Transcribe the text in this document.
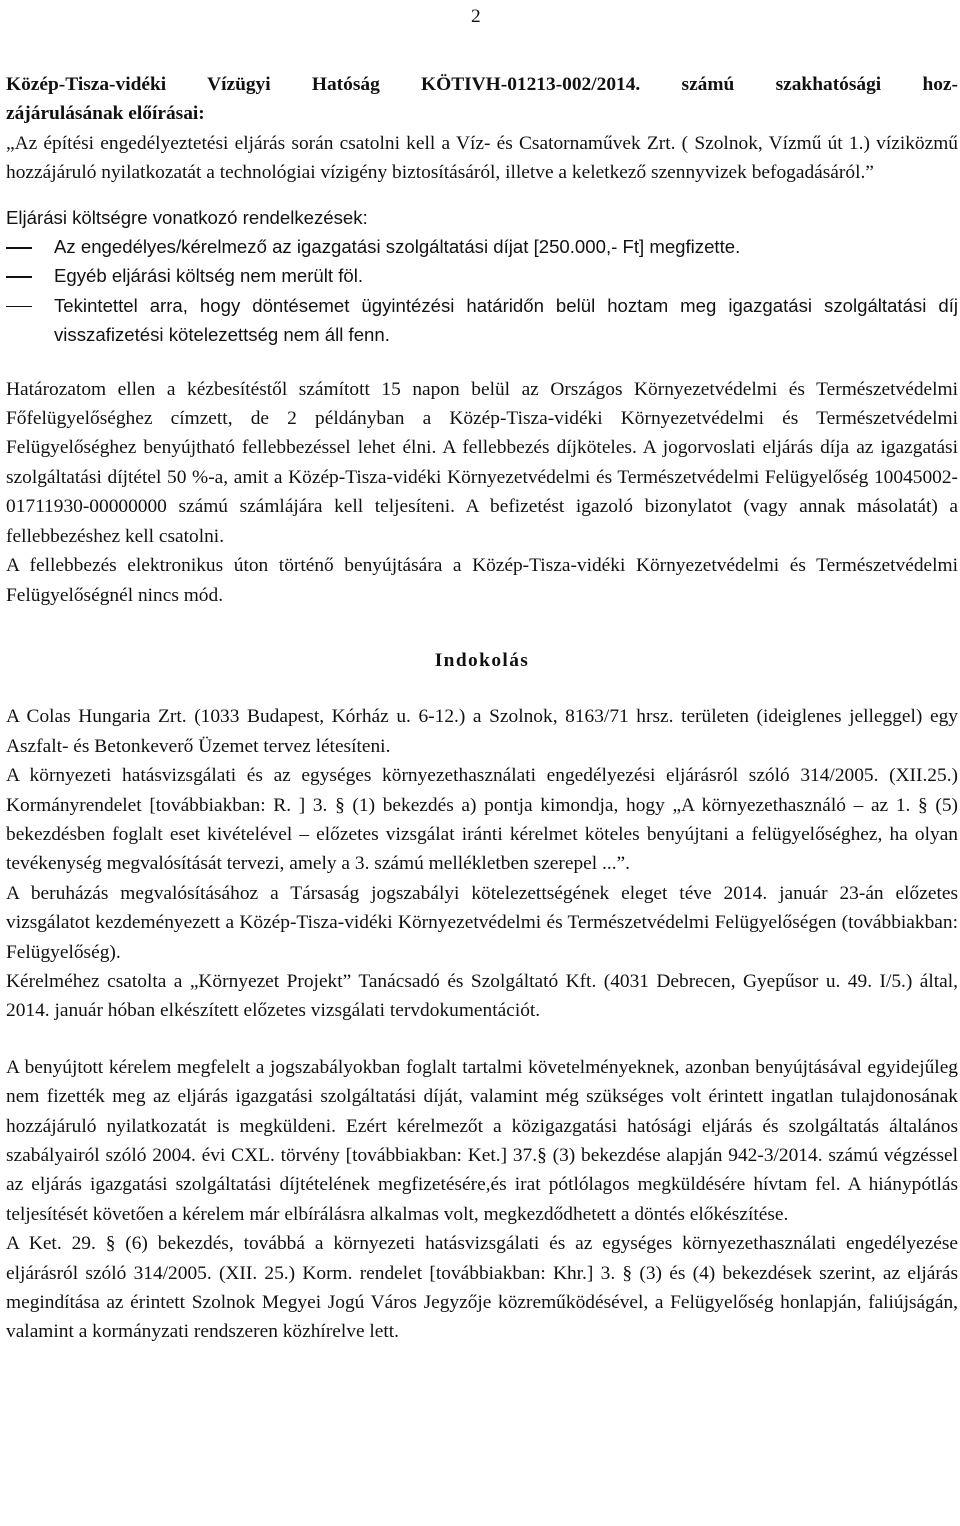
2

Közép-Tisza-vidéki Vízügyi Hatóság KÖTIVH-01213-002/2014. számú szakhatósági hoz-

zájárulásának előírásai:

„Az építési engedélyeztetési eljárás során csatolni kell a Víz- és Csatornaművek Zrt. ( Szolnok, Vízmű út 1.) víziközmű hozzájáruló nyilatkozatát a technológiai vízigény biztosításáról, illetve a keletkező szennyvizek befogadásáról.”

Eljárási költségre vonatkozó rendelkezések:

Az engedélyes/kérelmező az igazgatási szolgáltatási díjat [250.000,- Ft] megfizette.
Egyéb eljárási költség nem merült föl.
Tekintettel arra, hogy döntésemet ügyintézési határidőn belül hoztam meg igazgatási szolgáltatási díj visszafizetési kötelezettség nem áll fenn.

Határozatom ellen a kézbesítéstől számított 15 napon belül az Országos Környezetvédelmi és Természetvédelmi Főfelügyelőséghez címzett, de 2 példányban a Közép-Tisza-vidéki Környezetvédelmi és Természetvédelmi Felügyelőséghez benyújtható fellebbezéssel lehet élni. A fellebbezés díjköteles. A jogorvoslati eljárás díja az igazgatási szolgáltatási díjtétel 50 %-a, amit a Közép-Tisza-vidéki Környezetvédelmi és Természetvédelmi Felügyelőség 10045002-01711930-00000000 számú számlájára kell teljesíteni. A befizetést igazoló bizonylatot (vagy annak másolatát) a fellebbezéshez kell csatolni.

A fellebbezés elektronikus úton történő benyújtására a Közép-Tisza-vidéki Környezetvédelmi és Természetvédelmi Felügyelőségnél nincs mód.

Indokolás

A Colas Hungaria Zrt. (1033 Budapest, Kórház u. 6-12.) a Szolnok, 8163/71 hrsz. területen (ideiglenes jelleggel) egy Aszfalt- és Betonkeverő Üzemet tervez létesíteni.

A környezeti hatásvizsgálati és az egységes környezethasználati engedélyezési eljárásról szóló 314/2005. (XII.25.) Kormányrendelet [továbbiakban: R. ] 3. § (1) bekezdés a) pontja kimondja, hogy „A környezethasználó – az 1. § (5) bekezdésben foglalt eset kivételével – előzetes vizsgálat iránti kérelmet köteles benyújtani a felügyelőséghez, ha olyan tevékenység megvalósítását tervezi, amely a 3. számú mellékletben szerepel ...”.

A beruházás megvalósításához a Társaság jogszabályi kötelezettségének eleget téve 2014. január 23-án előzetes vizsgálatot kezdeményezett a Közép-Tisza-vidéki Környezetvédelmi és Természetvédelmi Felügyelőségen (továbbiakban: Felügyelőség).

Kérelméhez csatolta a „Környezet Projekt” Tanácsadó és Szolgáltató Kft. (4031 Debrecen, Gyepűsor u. 49. I/5.) által, 2014. január hóban elkészített előzetes vizsgálati tervdokumentációt.

A benyújtott kérelem megfelelt a jogszabályokban foglalt tartalmi követelményeknek, azonban benyújtásával egyidejűleg nem fizették meg az eljárás igazgatási szolgáltatási díját, valamint még szükséges volt érintett ingatlan tulajdonosának hozzájáruló nyilatkozatát is megküldeni. Ezért kérelmezőt a közigazgatási hatósági eljárás és szolgáltatás általános szabályairól szóló 2004. évi CXL. törvény [továbbiakban: Ket.] 37.§ (3) bekezdése alapján 942-3/2014. számú végzéssel az eljárás igazgatási szolgáltatási díjtételének megfizetésére,és irat pótlólagos megküldésére hívtam fel. A hiánypótlás teljesítését követően a kérelem már elbírálásra alkalmas volt, megkezdődhetett a döntés előkészítése.

A Ket. 29. § (6) bekezdés, továbbá a környezeti hatásvizsgálati és az egységes környezethasználati engedélyezése eljárásról szóló 314/2005. (XII. 25.) Korm. rendelet [továbbiakban: Khr.] 3. § (3) és (4) bekezdések szerint, az eljárás megindítása az érintett Szolnok Megyei Jogú Város Jegyzője közreműködésével, a Felügyelőség honlapján, faliújságán, valamint a kormányzati rendszeren közhírelve lett.
